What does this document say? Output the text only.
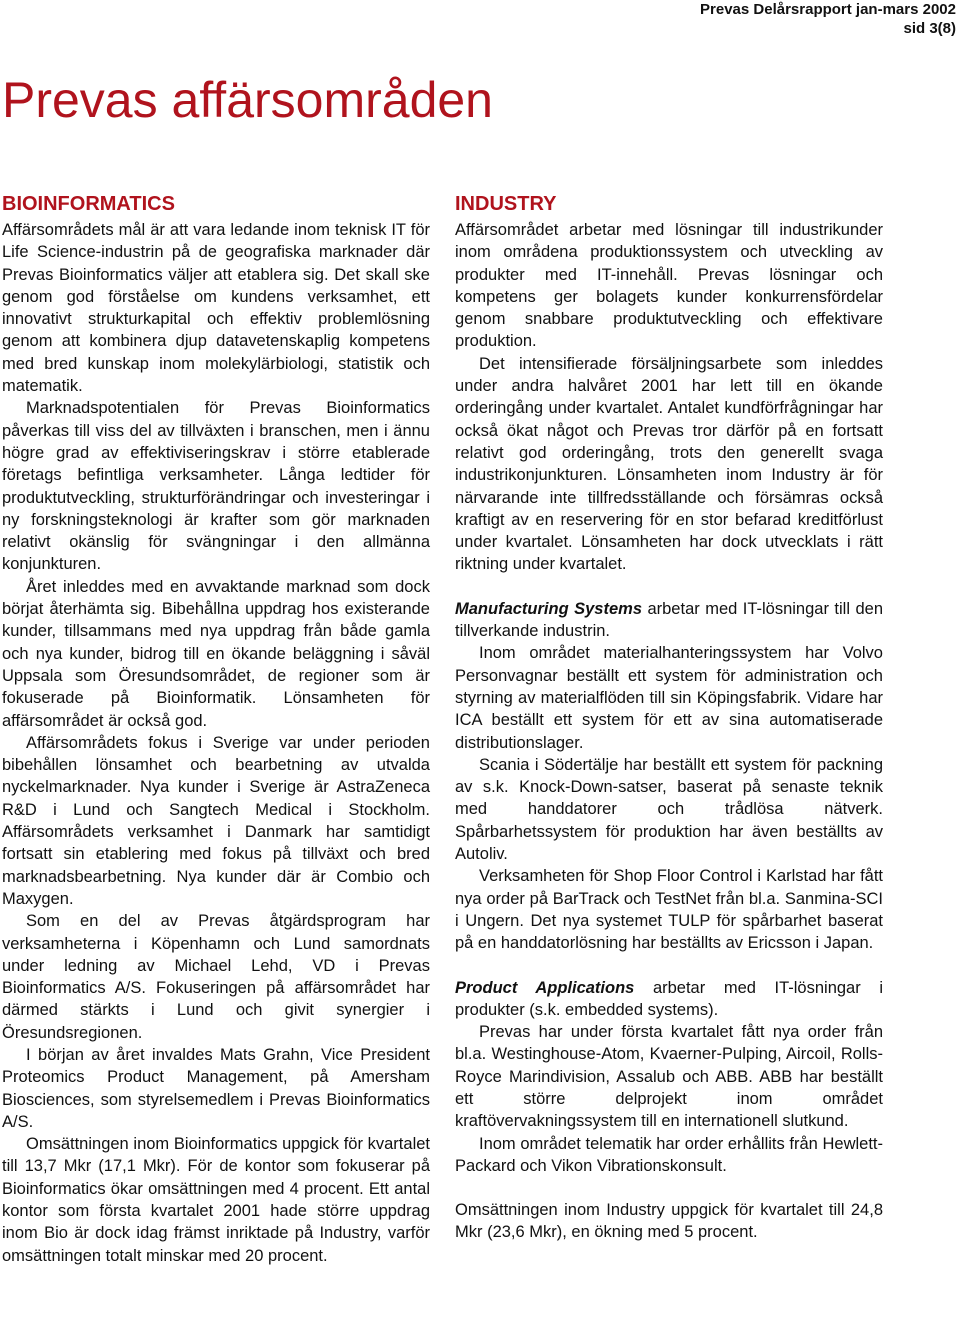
Prevas Delårsrapport jan-mars 2002
sid 3(8)
Prevas affärsområden
BIOINFORMATICS

Affärsområdets mål är att vara ledande inom teknisk IT för Life Science-industrin på de geografiska marknader där Prevas Bioinformatics väljer att etablera sig. Det skall ske genom god förståelse om kundens verksamhet, ett innovativt strukturkapital och effektiv problemlösning genom att kombinera djup datavetenskaplig kompetens med bred kunskap inom molekylärbiologi, statistik och matematik.

Marknadspotentialen för Prevas Bioinformatics påverkas till viss del av tillväxten i branschen, men i ännu högre grad av effektiviseringskrav i större etablerade företags befintliga verksamheter. Långa ledtider för produktutveckling, strukturförändringar och investeringar i ny forskningsteknologi är krafter som gör marknaden relativt okänslig för svängningar i den allmänna konjunkturen.

Året inleddes med en avvaktande marknad som dock börjat återhämta sig. Bibehållna uppdrag hos existerande kunder, tillsammans med nya uppdrag från både gamla och nya kunder, bidrog till en ökande beläggning i såväl Uppsala som Öresundsområdet, de regioner som är fokuserade på Bioinformatik. Lönsamheten för affärsområdet är också god.

Affärsområdets fokus i Sverige var under perioden bibehållen lönsamhet och bearbetning av utvalda nyckelmarknader. Nya kunder i Sverige är AstraZeneca R&D i Lund och Sangtech Medical i Stockholm. Affärsområdets verksamhet i Danmark har samtidigt fortsatt sin etablering med fokus på tillväxt och bred marknadsbearbetning. Nya kunder där är Combio och Maxygen.

Som en del av Prevas åtgärdsprogram har verksamheterna i Köpenhamn och Lund samordnats under ledning av Michael Lehd, VD i Prevas Bioinformatics A/S. Fokuseringen på affärsområdet har därmed stärkts i Lund och givit synergier i Öresundsregionen.

I början av året invaldes Mats Grahn, Vice President Proteomics Product Management, på Amersham Biosciences, som styrelsemedlem i Prevas Bioinformatics A/S.

Omsättningen inom Bioinformatics uppgick för kvartalet till 13,7 Mkr (17,1 Mkr). För de kontor som fokuserar på Bioinformatics ökar omsättningen med 4 procent. Ett antal kontor som första kvartalet 2001 hade större uppdrag inom Bio är dock idag främst inriktade på Industry, varför omsättningen totalt minskar med 20 procent.

INDUSTRY

Affärsområdet arbetar med lösningar till industrikunder inom områdena produktionssystem och utveckling av produkter med IT-innehåll. Prevas lösningar och kompetens ger bolagets kunder konkurrensfördelar genom snabbare produktutveckling och effektivare produktion.

Det intensifierade försäljningsarbete som inleddes under andra halvåret 2001 har lett till en ökande orderingång under kvartalet. Antalet kundförfrågningar har också ökat något och Prevas tror därför på en fortsatt relativt god orderingång, trots den generellt svaga industrikonjunkturen. Lönsamheten inom Industry är för närvarande inte tillfredsställande och försämras också kraftigt av en reservering för en stor befarad kreditförlust under kvartalet. Lönsamheten har dock utvecklats i rätt riktning under kvartalet.

Manufacturing Systems arbetar med IT-lösningar till den tillverkande industrin.

Inom området materialhanteringssystem har Volvo Personvagnar beställt ett system för administration och styrning av materialflöden till sin Köpingsfabrik. Vidare har ICA beställt ett system för ett av sina automatiserade distributionslager.

Scania i Södertälje har beställt ett system för packning av s.k. Knock-Down-satser, baserat på senaste teknik med handdatorer och trådlösa nätverk. Spårbarhetssystem för produktion har även beställts av Autoliv.

Verksamheten för Shop Floor Control i Karlstad har fått nya order på BarTrack och TestNet från bl.a. Sanmina-SCI i Ungern. Det nya systemet TULP för spårbarhet baserat på en handdatorlösning har beställts av Ericsson i Japan.

Product Applications arbetar med IT-lösningar i produkter (s.k. embedded systems).

Prevas har under första kvartalet fått nya order från bl.a. Westinghouse-Atom, Kvaerner-Pulping, Aircoil, Rolls-Royce Marindivision, Assalub och ABB. ABB har beställt ett större delprojekt inom området kraftövervakningssystem till en internationell slutkund.

Inom området telematik har order erhållits från Hewlett-Packard och Vikon Vibrationskonsult.

Omsättningen inom Industry uppgick för kvartalet till 24,8 Mkr (23,6 Mkr), en ökning med 5 procent.
